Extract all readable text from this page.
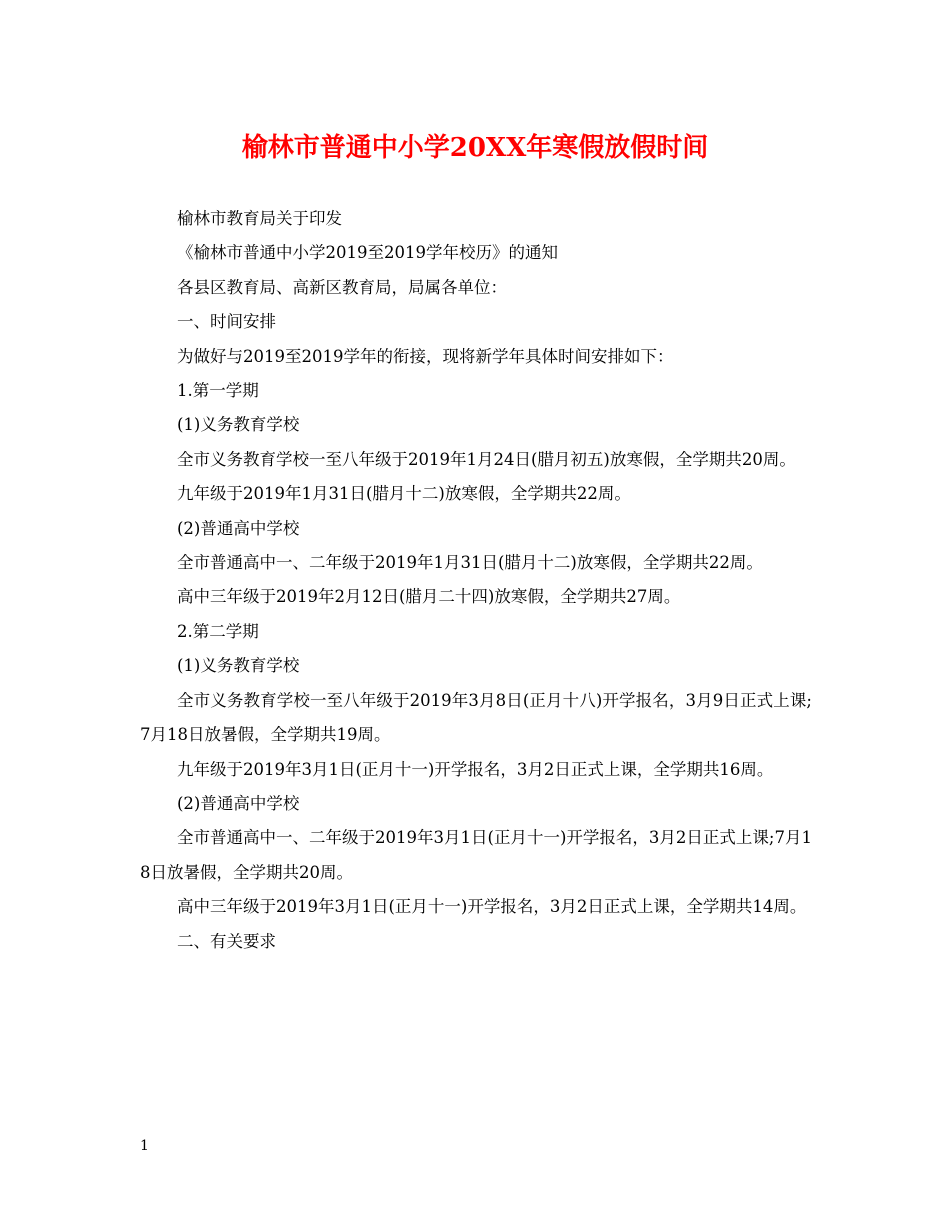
榆林市普通中小学20XX年寒假放假时间

榆林市教育局关于印发

《榆林市普通中小学2019至2019学年校历》的通知

各县区教育局、高新区教育局，局属各单位：

一、时间安排

为做好与2019至2019学年的衔接，现将新学年具体时间安排如下：

1.第一学期

(1)义务教育学校

全市义务教育学校一至八年级于2019年1月24日(腊月初五)放寒假，全学期共20周。

九年级于2019年1月31日(腊月十二)放寒假，全学期共22周。

(2)普通高中学校

全市普通高中一、二年级于2019年1月31日(腊月十二)放寒假，全学期共22周。

高中三年级于2019年2月12日(腊月二十四)放寒假，全学期共27周。

2.第二学期

(1)义务教育学校

全市义务教育学校一至八年级于2019年3月8日(正月十八)开学报名，3月9日正式上课;7月18日放暑假，全学期共19周。

九年级于2019年3月1日(正月十一)开学报名，3月2日正式上课，全学期共16周。

(2)普通高中学校

全市普通高中一、二年级于2019年3月1日(正月十一)开学报名，3月2日正式上课;7月18日放暑假，全学期共20周。

高中三年级于2019年3月1日(正月十一)开学报名，3月2日正式上课，全学期共14周。

二、有关要求

1
